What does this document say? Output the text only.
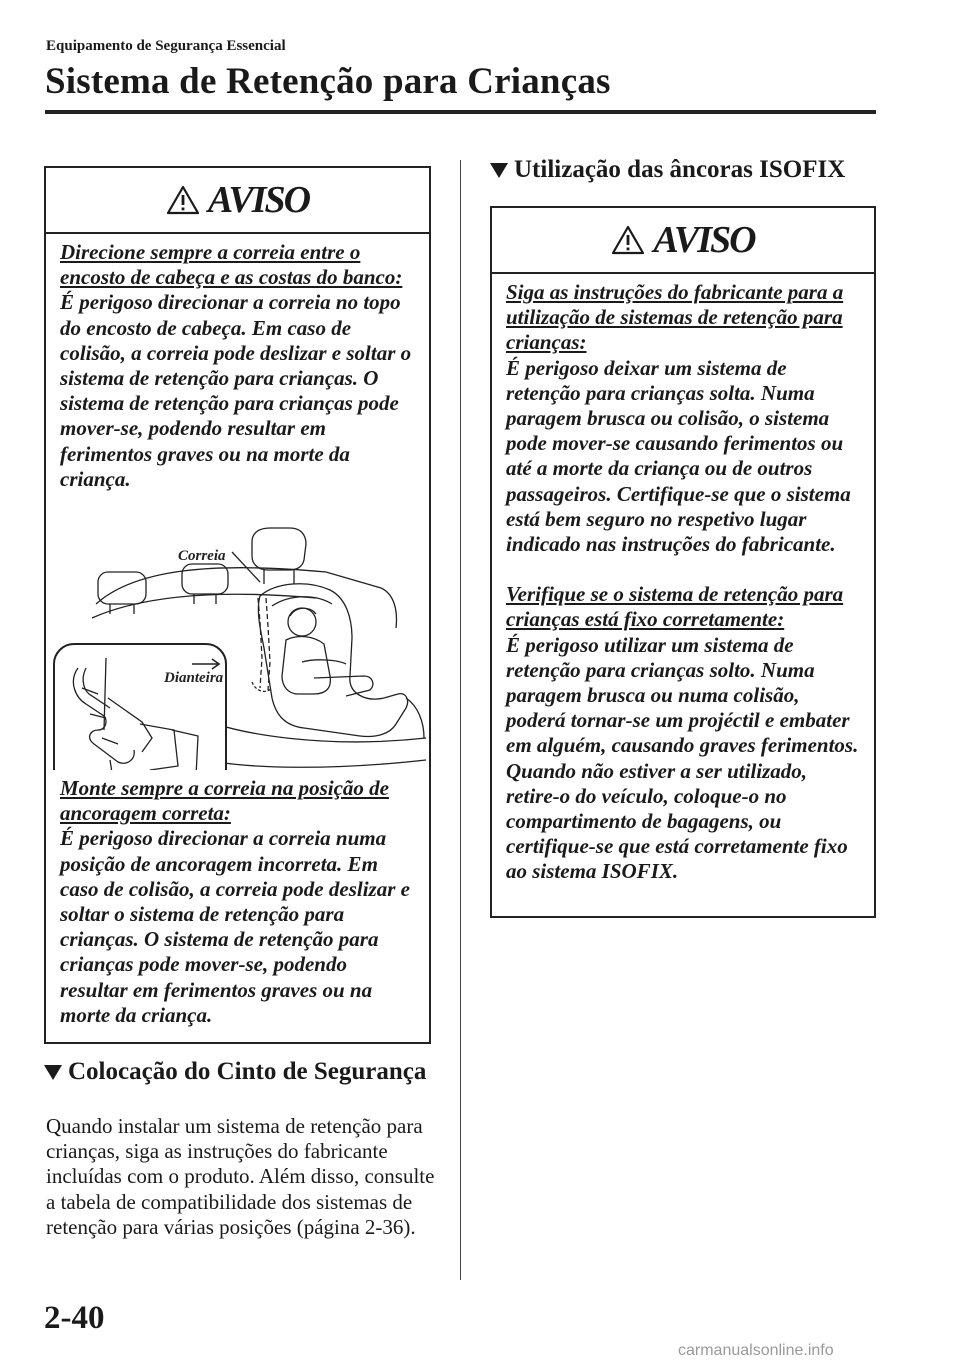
Equipamento de Segurança Essencial
Sistema de Retenção para Crianças
AVISO

Direcione sempre a correia entre o encosto de cabeça e as costas do banco:

É perigoso direcionar a correia no topo do encosto de cabeça. Em caso de colisão, a correia pode deslizar e soltar o sistema de retenção para crianças. O sistema de retenção para crianças pode mover-se, podendo resultar em ferimentos graves ou na morte da criança.

Correia
Dianteira

Monte sempre a correia na posição de ancoragem correta:

É perigoso direcionar a correia numa posição de ancoragem incorreta. Em caso de colisão, a correia pode deslizar e soltar o sistema de retenção para crianças. O sistema de retenção para crianças pode mover-se, podendo resultar em ferimentos graves ou na morte da criança.

Colocação do Cinto de Segurança

Quando instalar um sistema de retenção para crianças, siga as instruções do fabricante incluídas com o produto. Além disso, consulte a tabela de compatibilidade dos sistemas de retenção para várias posições (página 2-36).

Utilização das âncoras ISOFIX
AVISO

Siga as instruções do fabricante para a utilização de sistemas de retenção para crianças:

É perigoso deixar um sistema de retenção para crianças solta. Numa paragem brusca ou colisão, o sistema pode mover-se causando ferimentos ou até a morte da criança ou de outros passageiros. Certifique-se que o sistema está bem seguro no respetivo lugar indicado nas instruções do fabricante.

Verifique se o sistema de retenção para crianças está fixo corretamente:

É perigoso utilizar um sistema de retenção para crianças solto. Numa paragem brusca ou numa colisão, poderá tornar-se um projéctil e embater em alguém, causando graves ferimentos. Quando não estiver a ser utilizado, retire-o do veículo, coloque-o no compartimento de bagagens, ou certifique-se que está corretamente fixo ao sistema ISOFIX.

2-40
carmanualsonline.info
